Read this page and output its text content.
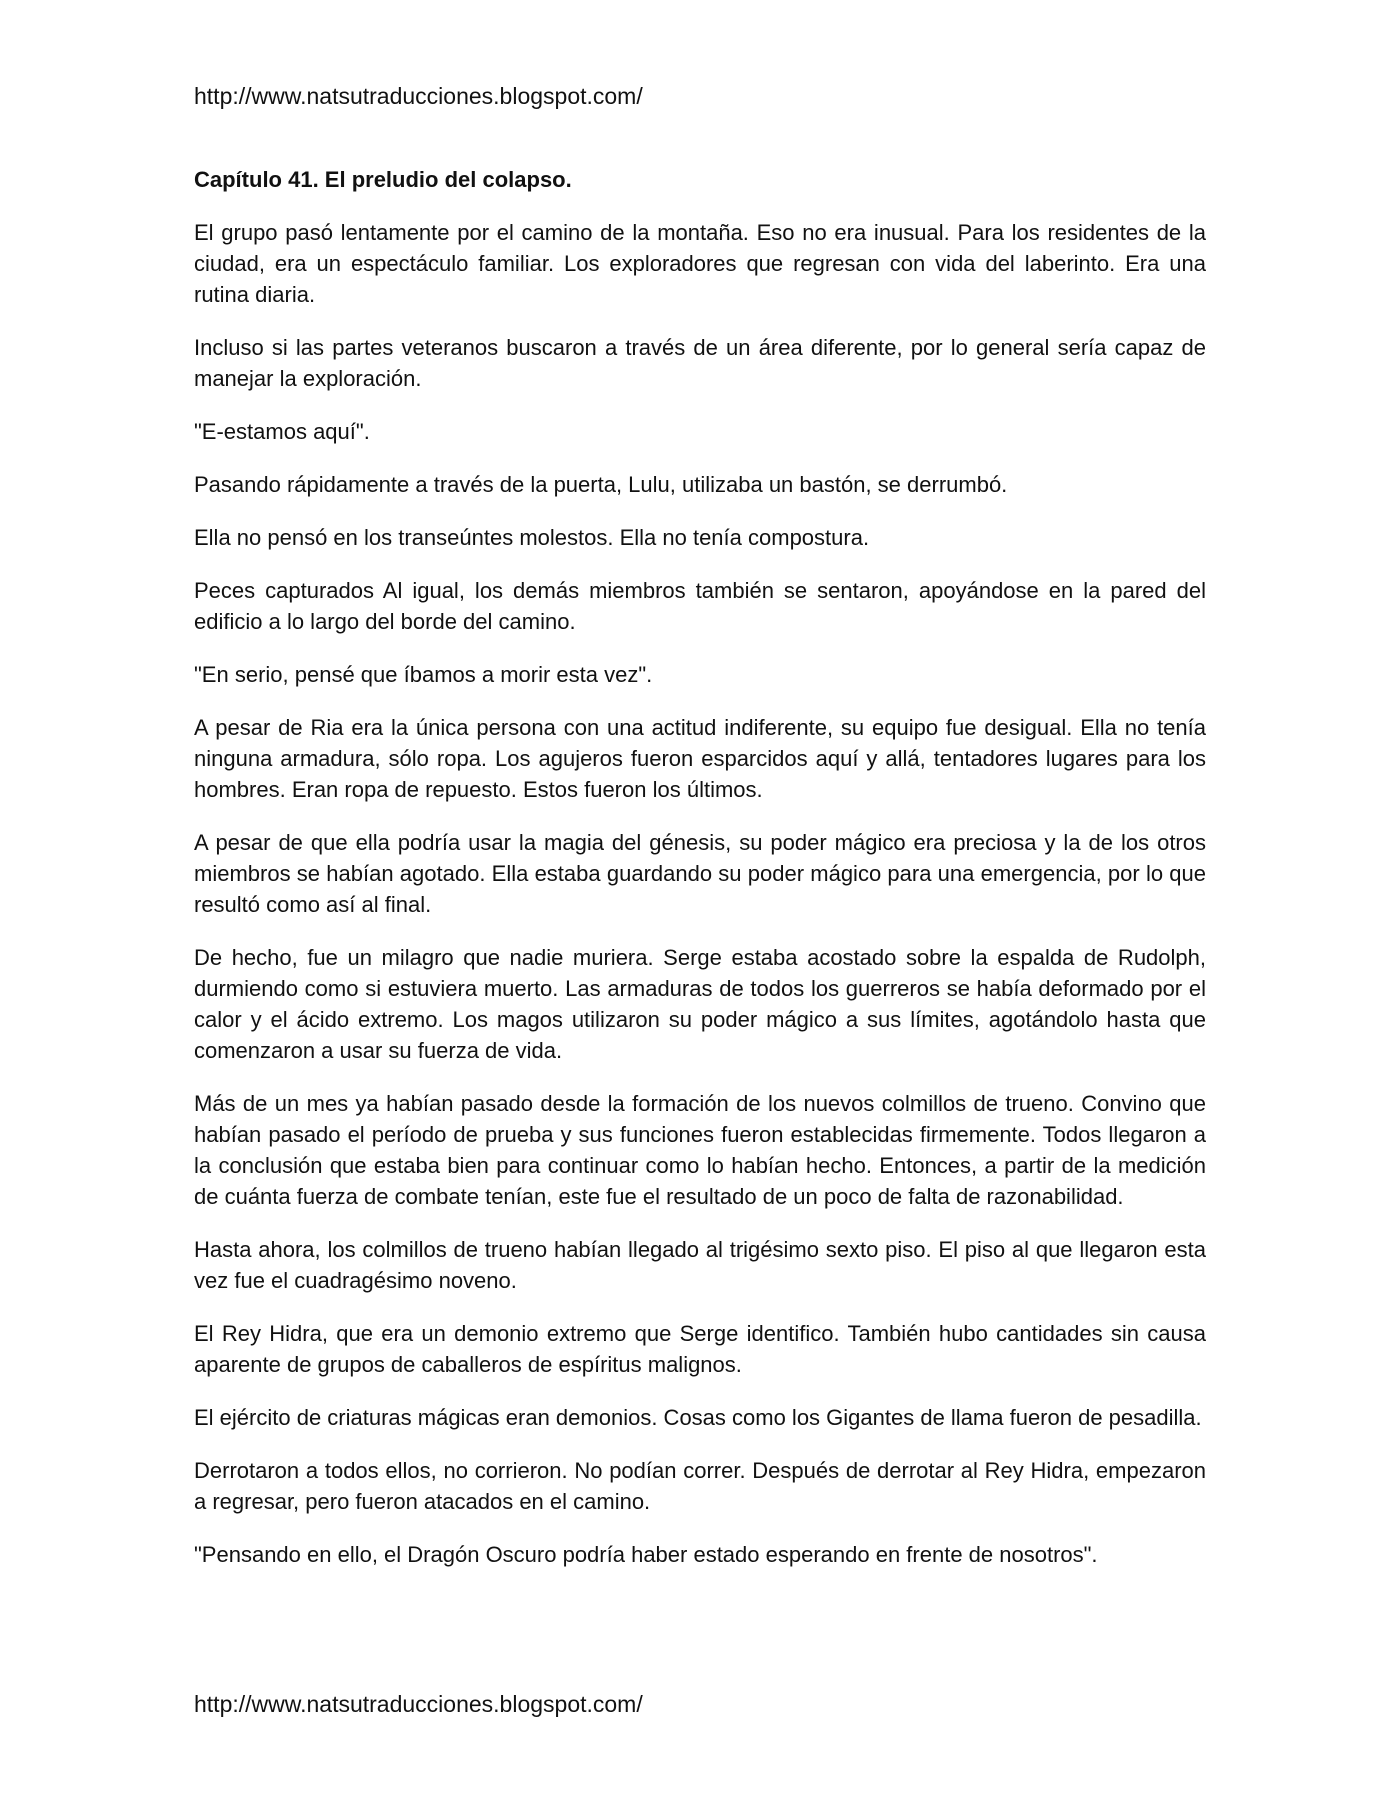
http://www.natsutraducciones.blogspot.com/
Capítulo 41. El preludio del colapso.

El grupo pasó lentamente por el camino de la montaña. Eso no era inusual. Para los residentes de la ciudad, era un espectáculo familiar. Los exploradores que regresan con vida del laberinto. Era una rutina diaria.

Incluso si las partes veteranos buscaron a través de un área diferente, por lo general sería capaz de manejar la exploración.

"E-estamos aquí".

Pasando rápidamente a través de la puerta, Lulu, utilizaba un bastón, se derrumbó.

Ella no pensó en los transeúntes molestos. Ella no tenía compostura.

Peces capturados Al igual, los demás miembros también se sentaron, apoyándose en la pared del edificio a lo largo del borde del camino.

"En serio, pensé que íbamos a morir esta vez".

A pesar de Ria era la única persona con una actitud indiferente, su equipo fue desigual. Ella no tenía ninguna armadura, sólo ropa. Los agujeros fueron esparcidos aquí y allá, tentadores lugares para los hombres. Eran ropa de repuesto. Estos fueron los últimos.

A pesar de que ella podría usar la magia del génesis, su poder mágico era preciosa y la de los otros miembros se habían agotado. Ella estaba guardando su poder mágico para una emergencia, por lo que resultó como así al final.

De hecho, fue un milagro que nadie muriera. Serge estaba acostado sobre la espalda de Rudolph, durmiendo como si estuviera muerto. Las armaduras de todos los guerreros se había deformado por el calor y el ácido extremo. Los magos utilizaron su poder mágico a sus límites, agotándolo hasta que comenzaron a usar su fuerza de vida.

Más de un mes ya habían pasado desde la formación de los nuevos colmillos de trueno. Convino que habían pasado el período de prueba y sus funciones fueron establecidas firmemente. Todos llegaron a la conclusión que estaba bien para continuar como lo habían hecho. Entonces, a partir de la medición de cuánta fuerza de combate tenían, este fue el resultado de un poco de falta de razonabilidad.

Hasta ahora, los colmillos de trueno habían llegado al trigésimo sexto piso. El piso al que llegaron esta vez fue el cuadragésimo noveno.

El Rey Hidra, que era un demonio extremo que Serge identifico. También hubo cantidades sin causa aparente de grupos de caballeros de espíritus malignos.

El ejército de criaturas mágicas eran demonios. Cosas como los Gigantes de llama fueron de pesadilla.

Derrotaron a todos ellos, no corrieron. No podían correr. Después de derrotar al Rey Hidra, empezaron a regresar, pero fueron atacados en el camino.

"Pensando en ello, el Dragón Oscuro podría haber estado esperando en frente de nosotros".

http://www.natsutraducciones.blogspot.com/
